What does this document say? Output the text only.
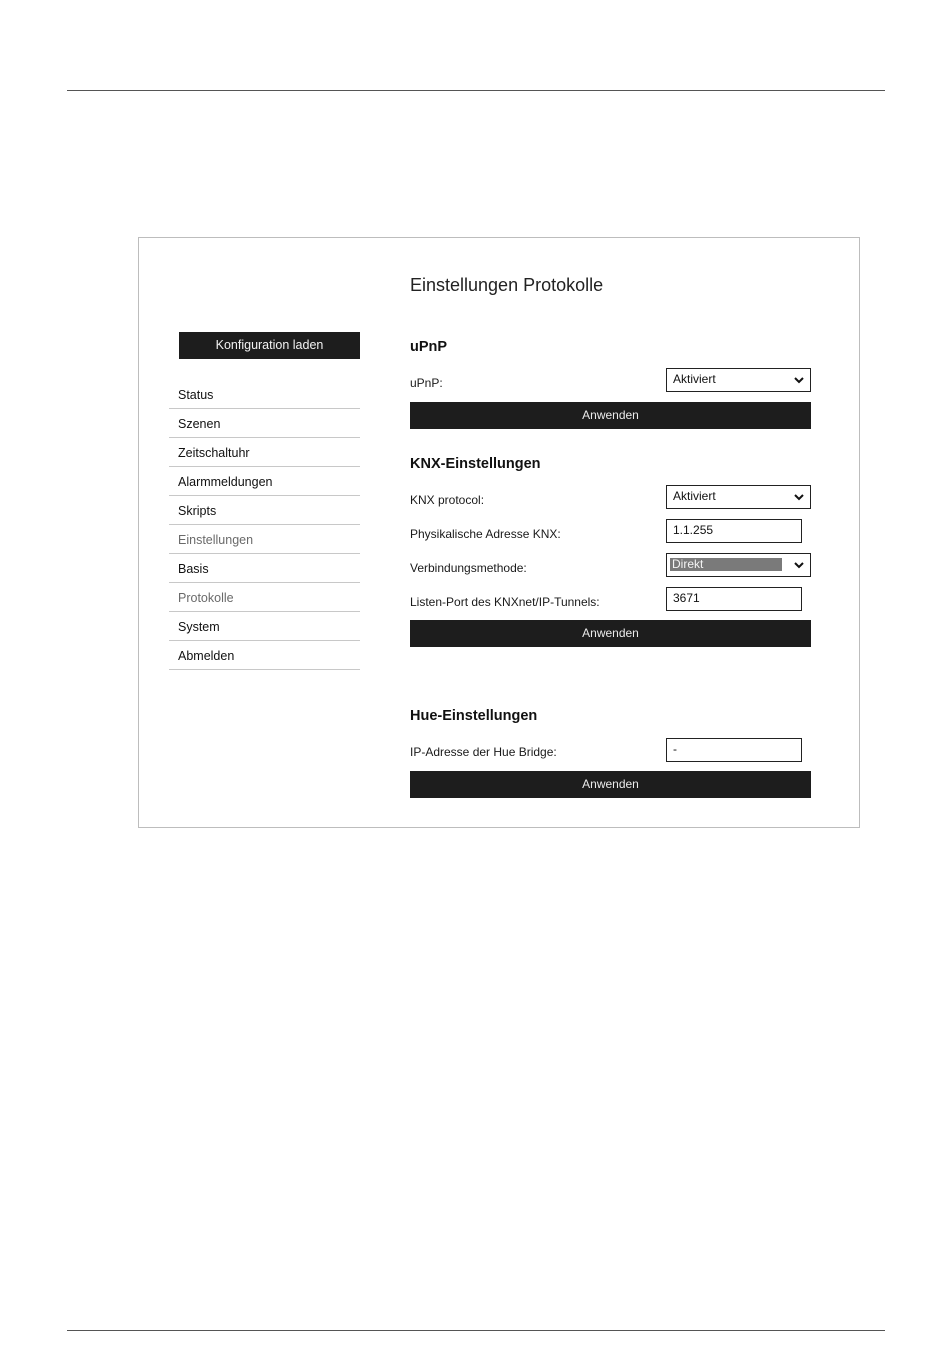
Konfiguration laden
Status
Szenen
Zeitschaltuhr
Alarmmeldungen
Skripts
Einstellungen
Basis
Protokolle
System
Abmelden
Einstellungen Protokolle
uPnP
uPnP:	Aktiviert
Anwenden
KNX-Einstellungen
KNX protocol:	Aktiviert
Physikalische Adresse KNX:	1.1.255
Verbindungsmethode:	Direkt
Listen-Port des KNXnet/IP-Tunnels:	3671
Anwenden
Hue-Einstellungen
IP-Adresse der Hue Bridge:	-
Anwenden
